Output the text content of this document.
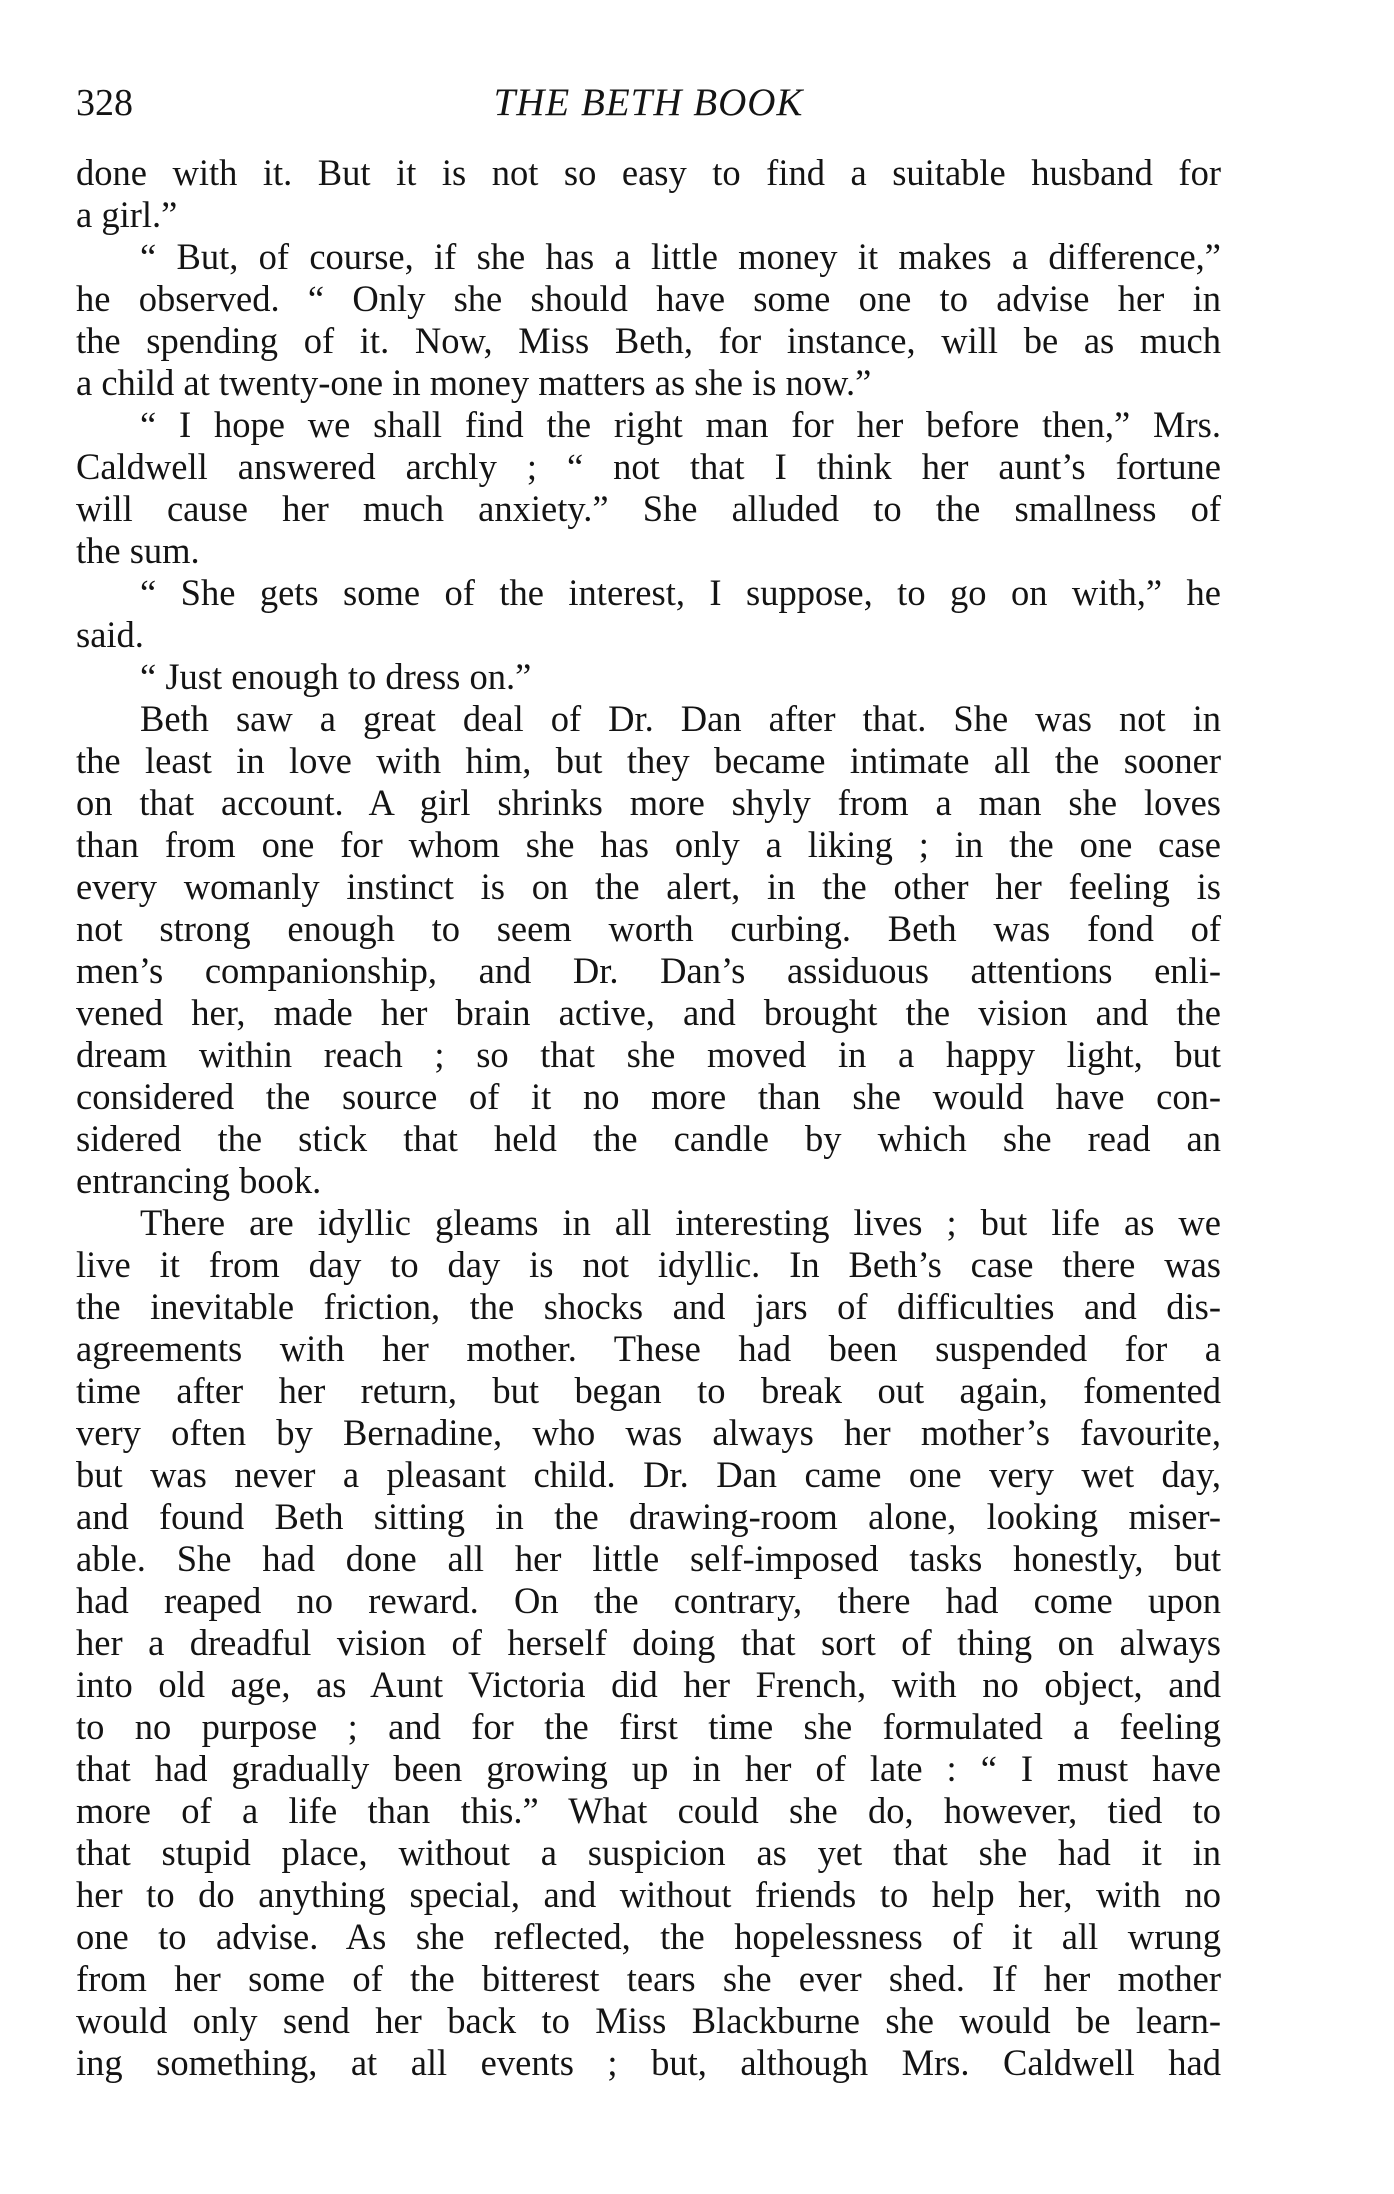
328	THE BETH BOOK
done with it. But it is not so easy to find a suitable husband for
a girl.”
“ But, of course, if she has a little money it makes a difference,”
he observed. “ Only she should have some one to advise her in
the spending of it. Now, Miss Beth, for instance, will be as much
a child at twenty-one in money matters as she is now.”
“ I hope we shall find the right man for her before then,” Mrs.
Caldwell answered archly ; “ not that I think her aunt’s fortune
will cause her much anxiety.” She alluded to the smallness of
the sum.
“ She gets some of the interest, I suppose, to go on with,” he
said.
“ Just enough to dress on.”
Beth saw a great deal of Dr. Dan after that. She was not in
the least in love with him, but they became intimate all the sooner
on that account. A girl shrinks more shyly from a man she loves
than from one for whom she has only a liking ; in the one case
every womanly instinct is on the alert, in the other her feeling is
not strong enough to seem worth curbing. Beth was fond of
men’s companionship, and Dr. Dan’s assiduous attentions enli-
vened her, made her brain active, and brought the vision and the
dream within reach ; so that she moved in a happy light, but
considered the source of it no more than she would have con-
sidered the stick that held the candle by which she read an
entrancing book.
There are idyllic gleams in all interesting lives ; but life as we
live it from day to day is not idyllic. In Beth’s case there was
the inevitable friction, the shocks and jars of difficulties and dis-
agreements with her mother. These had been suspended for a
time after her return, but began to break out again, fomented
very often by Bernadine, who was always her mother’s favourite,
but was never a pleasant child. Dr. Dan came one very wet day,
and found Beth sitting in the drawing-room alone, looking miser-
able. She had done all her little self-imposed tasks honestly, but
had reaped no reward. On the contrary, there had come upon
her a dreadful vision of herself doing that sort of thing on always
into old age, as Aunt Victoria did her French, with no object, and
to no purpose ; and for the first time she formulated a feeling
that had gradually been growing up in her of late : “ I must have
more of a life than this.” What could she do, however, tied to
that stupid place, without a suspicion as yet that she had it in
her to do anything special, and without friends to help her, with no
one to advise. As she reflected, the hopelessness of it all wrung
from her some of the bitterest tears she ever shed. If her mother
would only send her back to Miss Blackburne she would be learn-
ing something, at all events ; but, although Mrs. Caldwell had
